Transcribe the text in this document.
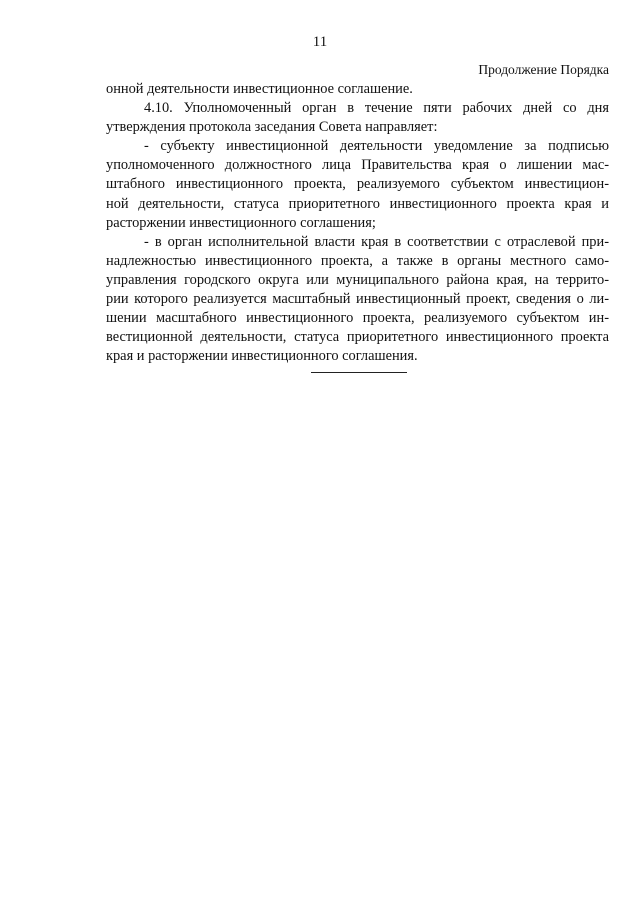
11
Продолжение Порядка
онной деятельности инвестиционное соглашение.
4.10. Уполномоченный орган в течение пяти рабочих дней со дня
утверждения протокола заседания Совета направляет:
- субъекту инвестиционной деятельности уведомление за подписью
уполномоченного должностного лица Правительства края о лишении мас-
штабного инвестиционного проекта, реализуемого субъектом инвестицион-
ной деятельности, статуса приоритетного инвестиционного проекта края и
расторжении инвестиционного соглашения;
- в орган исполнительной власти края в соответствии с отраслевой при-
надлежностью инвестиционного проекта, а также в органы местного само-
управления городского округа или муниципального района края, на террито-
рии которого реализуется масштабный инвестиционный проект, сведения о ли-
шении масштабного инвестиционного проекта, реализуемого субъектом ин-
вестиционной деятельности, статуса приоритетного инвестиционного проекта
края и расторжении инвестиционного соглашения.
